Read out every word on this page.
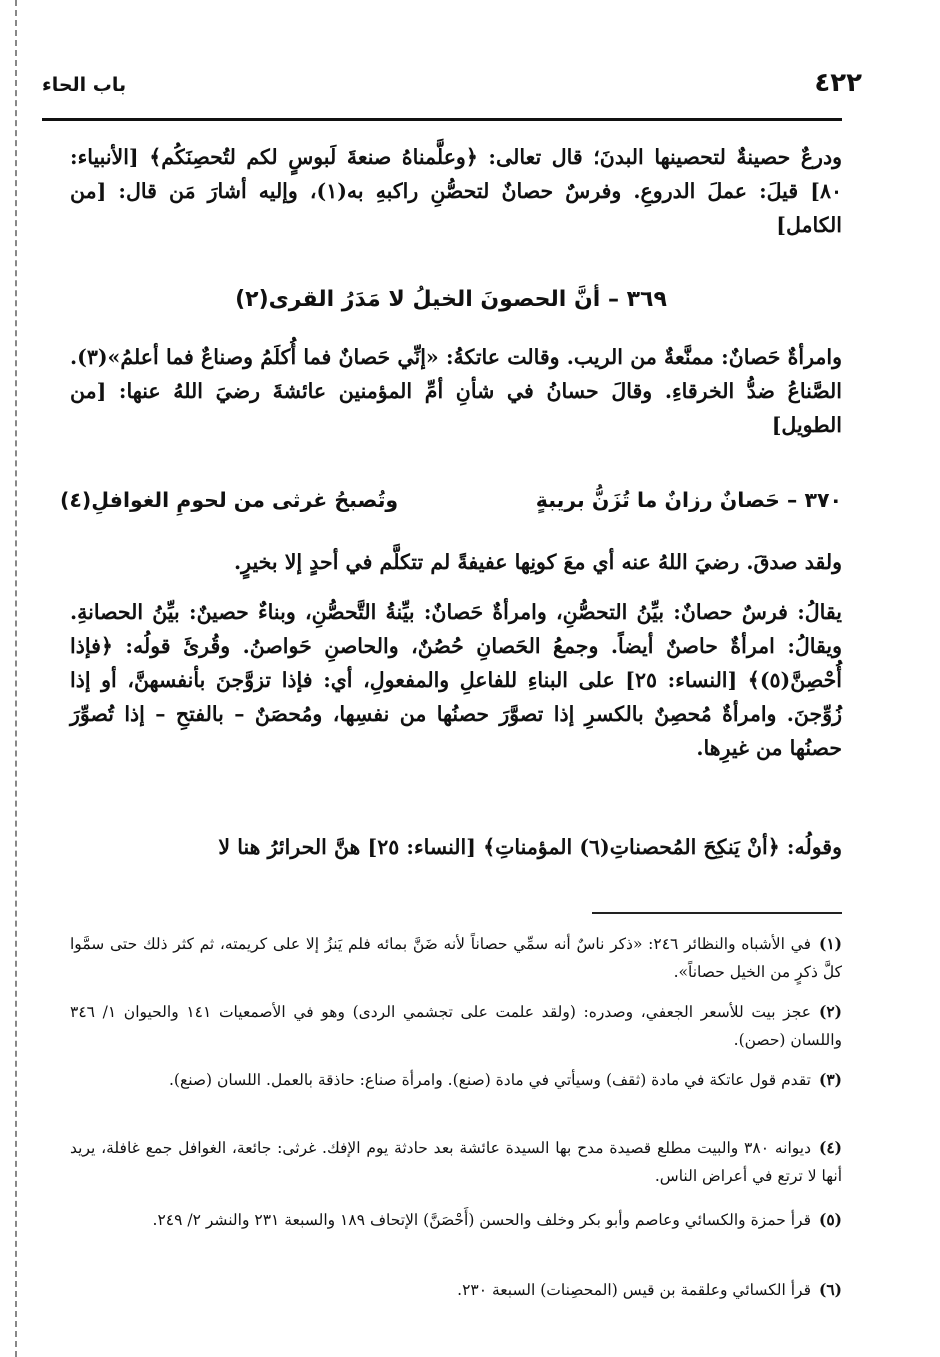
٤٢٢
باب الحاء

ودرعٌ حصينةٌ لتحصينها البدنَ؛ قال تعالى: ﴿وعلَّمناهُ صنعةَ لَبوسٍ لكم لتُحصِنَكُم﴾ [الأنبياء: ٨٠] قيلَ: عملَ الدروعِ. وفرسٌ حصانٌ لتحصُّنِ راكبهِ به(١)، وإليه أشارَ مَن قال: [من الكامل]

٣٦٩ – أنَّ الحصونَ الخيلُ لا مَدَرُ القرى(٢)

وامرأةٌ حَصانٌ: ممنَّعةٌ من الريب. وقالت عاتكةُ: «إنِّي حَصانٌ فما أُكلَمُ وصناعٌ فما أعلمُ»(٣). الصَّناعُ ضدُّ الخرقاءِ. وقالَ حسانُ في شأنِ أمِّ المؤمنين عائشةَ رضيَ اللهُ عنها: [من الطويل]

٣٧٠ – حَصانٌ رزانٌ ما تُزَنُّ بريبةٍ
وتُصبحُ غرثى من لحومِ الغوافلِ(٤)

ولقد صدقَ. رضيَ اللهُ عنه أي معَ كونِها عفيفةً لم تتكلَّم في أحدٍ إلا بخيرٍ.

يقالُ: فرسٌ حصانٌ: بيِّنُ التحصُّنِ، وامرأةٌ حَصانٌ: بيِّنةُ التَّحصُّنِ، وبناءٌ حصينٌ: بيِّنُ الحصانةِ. ويقالُ: امرأةٌ حاصنٌ أيضاً. وجمعُ الحَصانِ حُصُنٌ، والحاصنِ حَواصنُ. وقُرئَ قولُه: ﴿فإذا أُحْصِنَّ(٥)﴾ [النساء: ٢٥] على البناءِ للفاعلِ والمفعولِ، أي: فإذا تزوَّجنَ بأنفسهنَّ، أو إذا زُوِّجنَ. وامرأةٌ مُحصِنٌ بالكسرِ إذا تصوَّرَ حصنُها من نفسِها، ومُحصَنٌ – بالفتحِ – إذا تُصوِّرَ حصنُها من غيرِها.

وقولُه: ﴿أنْ يَنكِحَ المُحصناتِ(٦) المؤمناتِ﴾ [النساء: ٢٥] هنَّ الحرائرُ هنا لا

(١)في الأشباه والنظائر ٢٤٦: «ذكر ناسٌ أنه سمِّي حصاناً لأنه ضَنَّ بمائه فلم يَنزُ إلا على كريمته، ثم كثر ذلك حتى سمَّوا كلَّ ذكرٍ من الخيل حصاناً».

(٢)عجز بيت للأسعر الجعفي، وصدره: (ولقد علمت على تجشمي الردى) وهو في الأصمعيات ١٤١ والحيوان ١/ ٣٤٦ واللسان (حصن).

(٣)تقدم قول عاتكة في مادة (ثقف) وسيأتي في مادة (صنع). وامرأة صناع: حاذقة بالعمل. اللسان (صنع).

(٤)ديوانه ٣٨٠ والبيت مطلع قصيدة مدح بها السيدة عائشة بعد حادثة يوم الإفك. غرثى: جائعة، الغوافل جمع غافلة، يريد أنها لا ترتع في أعراض الناس.

(٥)قرأ حمزة والكسائي وعاصم وأبو بكر وخلف والحسن (أَحْصَنَّ) الإتحاف ١٨٩ والسبعة ٢٣١ والنشر ٢/ ٢٤٩.

(٦)قرأ الكسائي وعلقمة بن قيس (المحصِنات) السبعة ٢٣٠.
